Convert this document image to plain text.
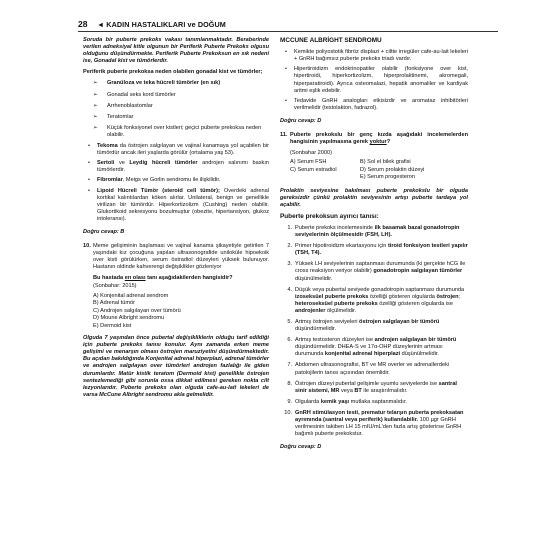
28 ◄ KADIN HASTALIKLARI ve DOĞUM

Soruda bir puberte prekoks vakası tanımlanmaktadır. Beraberinde verilen adneksiyal kitle olgunun bir Periferik Puberte Prekoks olgusu olduğunu düşündürmekte. Periferik Puberte Prekoksun en sık nedeni ise, Gonadal kist ve tümörlerdir.

Periferik puberte prekoksa neden olabilen gonadal kist ve tümörler;

➢ Granüloza ve teka hücreli tümörler (en sık)
➢ Gonadal seks kord tümörler
➢ Arrhenoblastomlar
➢ Teratomlar
➢ Küçük fonksiyonel over kistleri; geçici puberte prekoksa neden olabilir.
• Tekoma da östrojen salgılayan ve vajinal kanamaya yol açabilen bir tümördür ancak ileri yaşlarda görülür (ortalama yaş 53).
• Sertoli ve Leydig hücreli tümörler androjen salınımı baskın tümörlerdir.
• Fibromlar, Meigs ve Gorlin sendromu ile ilişkilidir.
• Lipoid Hücreli Tümör (steroid cell tümör); Overdeki adrenal kortikal kalıntılardan köken alırlar. Unilateral, benign ve genellikle virilizan bir tümördür. Hiperkortizolizm (Cushing) neden olabilir. Glukortikoid sekresyonu bozulmuştur (obezite, hipertansiyon, glukoz intoleransı).

Doğru cevap: B

10. Meme gelişiminin başlaması ve vajinal kanama şikayetiyle getirilen 7 yaşındaki kız çocuğuna yapılan ultrasonografide uniloküle hipoekoik over kisti görülürken, serum östradiol düzeyleri yüksek bulunuyor. Hastanın oldinde kahverengi değişiklikler gözleniyor

Bu hastada en olası tanı aşağıdakilerden hangisidir?

(Sonbahar: 2015)

A) Konjenital adrenal sendrom
B) Adrenal tümör
C) Androjen salgılayan over tümörü
D) Moune Albright sendromu
E) Dermoid kist

Olguda 7 yaşından önce pubertal değişikliklerin olduğu tarif edildiği için puberte prekoks tanısı konulur. Aynı zamanda erken meme gelişimi ve menarşın olması östrojen maruziyetini düşündürmektedir. Bu açıdan bakıldığında Konjenital adrenal hiperplazi, adrenal tümörler ve androjen salgılayan over tümörleri androjen fazlalığı ile giden durumlardır. Matür kistik teratom (Dermoid kist) genellikle östrojen sentezlemediği gibi sorunla ossa dikkat edilmesi gereken nokta cilt lezyonlarıdır. Puberte prekoks olan olguda cafe-au-lait lekeleri de varsa McCune Albright sendromu akla gelmelidir.

MCCUNE ALBRİGHT SENDROMU

• Kemikte poliyostotik fibröz displazi + ciltte irregüler cafe-au-lait lekeleri + GnRH bağımsız puberte prekoks triadı vardır.
• Hipertiroidizm endokrinopatiler olabilir (fonksiyone over kist, hipertiroidi, hiperkortizolizm, hiperprolaktinemi, akromegali, hiperparatiroidi). Ayrıca osteomalazi, hepatik anomaliler ve kardiyak aritmi eşlik edebilir.
• Tedavide GnRH analogları etkisizdir ve aromataz inhibitörleri verilmelidir (testolakton, fadrazol).

Doğru cevap: D

11. Puberte prekokslu bir genç kızda aşağıdaki incelemelerden hangisinin yapılmasına gerek yoktur?

(Sonbahar 2000)

A) Serum FSH	B) Sol el bilek grafisi
C) Serum estradiol	D) Serum prolaktin düzeyi
E) Serum progesteron

Prolaktin seviyesine bakılması puberte prekokslu bir olguda gereksizdir çünkü prolaktin seviyesinin artışı puberte tardaya yol açabilir.

Puberte prekoksun ayırıcı tanısı:

1. Puberte prekoks incelemesinde ilk basamak bazal gonadotropin seviyelerinin ölçülmesidir (FSH, LH).
2. Primer hipotiroidizm ekartasyonu için tiroid fonksiyon testleri yapılır (TSH, T4).
3. Yüksek LH seviyelerinin saptanması durumunda (ki gerçekte hCG ile cross reaksiyon veriyor olabilir) gonadotropin salgılayan tümörler düşünülmelidir.
4. Düşük veya pubertal seviyede gonadotropin saptanması durumunda izoseksüel puberte prekoks özelliği gösteren olgularda östrojen; heteroseksüel puberte prekoks özelliği gösteren olgularda ise androjenler ölçülmelidir.
5. Artmış östrojen seviyeleri östrojen salgılayan bir tümörü düşündürmelidir.
6. Artmış testosteron düzeyleri ise androjen salgılayan bir tümörü düşündürmelidir. DHEA-S ve 17α-OHP düzeylerinin artması durumunda konjenital adrenal hiperplazi düşünülmelidir.
7. Abdomen ultrasonografisi, BT ve MR overler ve adrenallerdeki patolojilerin tanısı açısından önemlidir.
8. Östrojen düzeyi pubertal gelişimle uyumlu seviyelerde ise santral sinir sistemi, MR veya BT ile araştırılmalıdır.
9. Olgularda kemik yaşı mutlaka saptanmalıdır.
10. GnRH stimülasyon testi, prematur telarşın puberta prekoksatan ayrımında (santral veya periferik) kullanılabilir. 100 µgr GnRH verilmesinin takiben LH 15 mIU/mL'den fazla artış gösterirse GnRH bağımlı puberte prekokstur.

Doğru cevap: D
